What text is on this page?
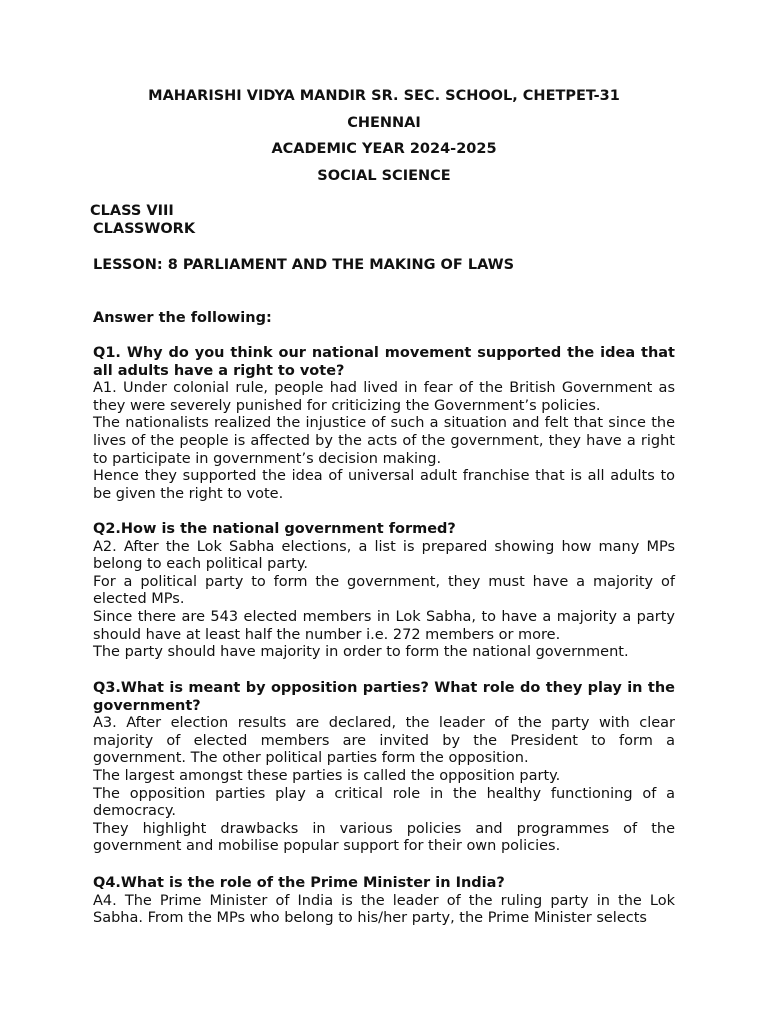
MAHARISHI VIDYA MANDIR SR. SEC. SCHOOL, CHETPET-31
CHENNAI
ACADEMIC YEAR 2024-2025
SOCIAL SCIENCE
CLASS VIII
CLASSWORK
LESSON: 8 PARLIAMENT AND THE MAKING OF LAWS
Answer the following:
Q1. Why do you think our national movement supported the idea that all adults have a right to vote?

A1. Under colonial rule, people had lived in fear of the British Government as they were severely punished for criticizing the Government’s policies.

The nationalists realized the injustice of such a situation and felt that since the lives of the people is affected by the acts of the government, they have a right to participate in government’s decision making.

Hence they supported the idea of universal adult franchise that is all adults to be given the right to vote.

Q2.How is the national government formed?

A2. After the Lok Sabha elections, a list is prepared showing how many MPs belong to each political party.

For a political party to form the government, they must have a majority of elected MPs.

Since there are 543 elected members in Lok Sabha, to have a majority a party should have at least half the number i.e. 272 members or more.

The party should have majority in order to form the national government.

Q3.What is meant by opposition parties? What role do they play in the government?

A3. After election results are declared, the leader of the party with clear majority of elected members are invited by the President to form a government. The other political parties form the opposition.

The largest amongst these parties is called the opposition party.

The opposition parties play a critical role in the healthy functioning of a democracy.

They highlight drawbacks in various policies and programmes of the government and mobilise popular support for their own policies.

Q4.What is the role of the Prime Minister in India?

A4. The Prime Minister of India is the leader of the ruling party in the Lok Sabha. From the MPs who belong to his/her party, the Prime Minister selects
